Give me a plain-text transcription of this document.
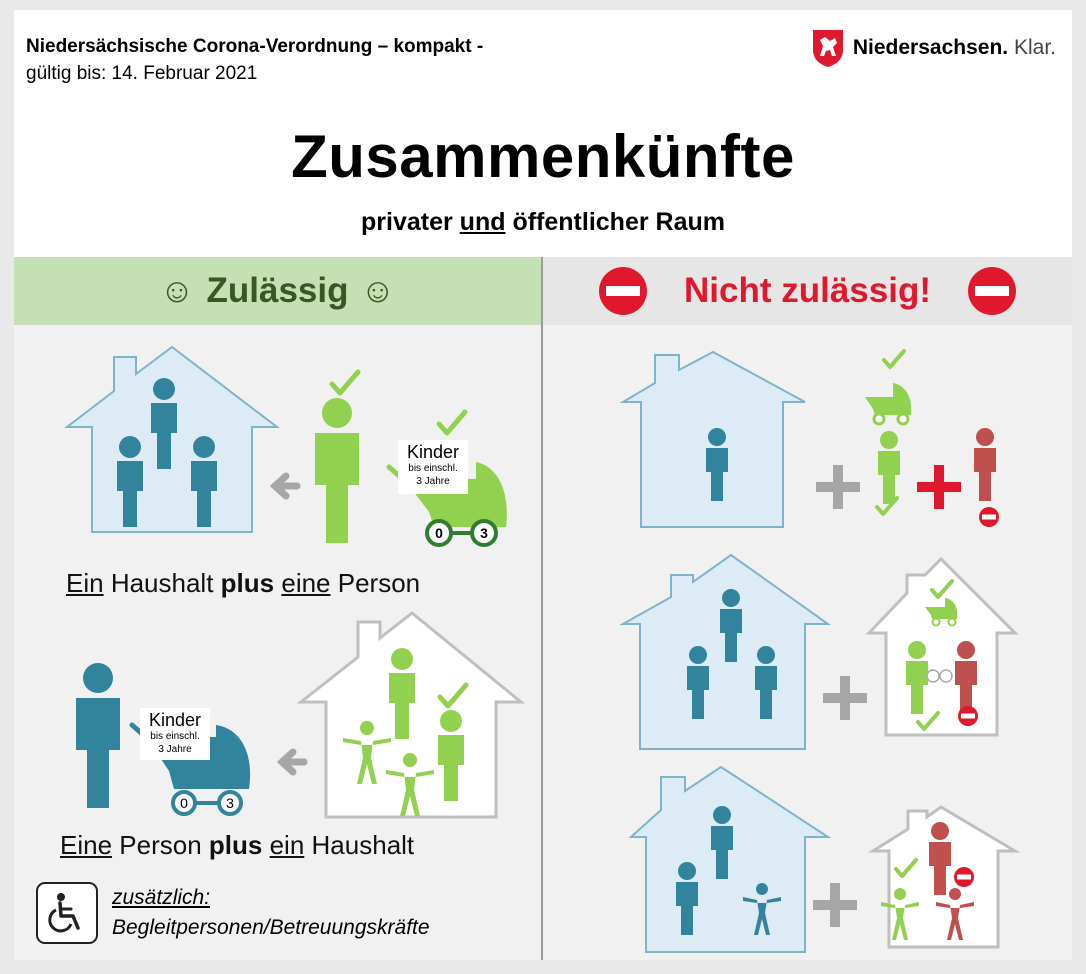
Niedersächsische Corona-Verordnung – kompakt -
gültig bis: 14. Februar 2021
Niedersachsen. Klar.
Zusammenkünfte
privater und öffentlicher Raum
☺ Zulässig ☺
Kinder
bis einschl.
3 Jahre
0	3
Kinder
bis einschl.
3 Jahre
0	3
Ein Haushalt plus eine Person
Eine Person plus ein Haushalt
Nicht zulässig!
zusätzlich:
Begleitpersonen/Betreuungskräfte
